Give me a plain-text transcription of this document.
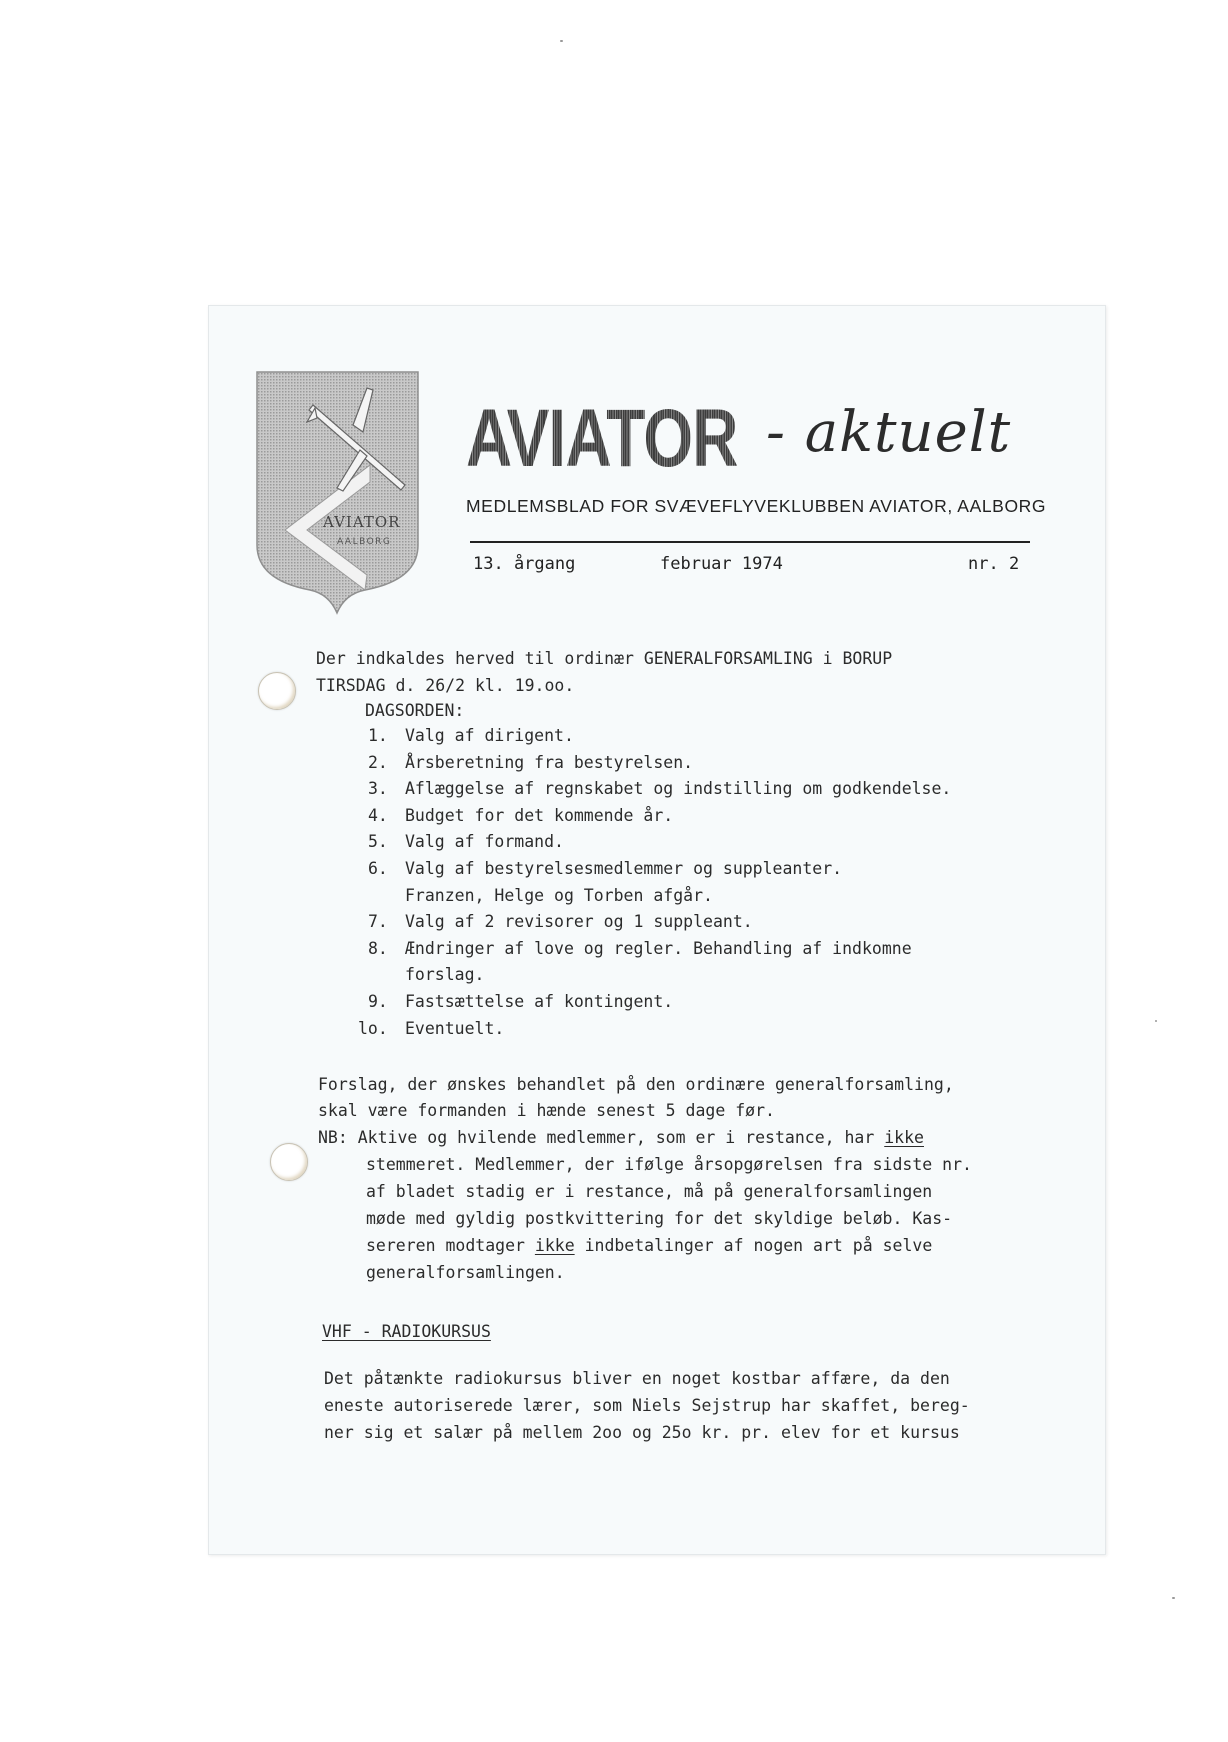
AVIATOR
AALBORG
AVIATOR - aktuelt
MEDLEMSBLAD FOR SVÆVEFLYVEKLUBBEN AVIATOR, AALBORG
13. årgang	februar 1974	nr. 2
Der indkaldes herved til ordinær GENERALFORSAMLING i BORUP
TIRSDAG d. 26/2 kl. 19.oo.
DAGSORDEN:
1. Valg af dirigent.
2. Årsberetning fra bestyrelsen.
3. Aflæggelse af regnskabet og indstilling om godkendelse.
4. Budget for det kommende år.
5. Valg af formand.
6. Valg af bestyrelsesmedlemmer og suppleanter.
Franzen, Helge og Torben afgår.
7. Valg af 2 revisorer og 1 suppleant.
8. Ændringer af love og regler. Behandling af indkomne
forslag.
9. Fastsættelse af kontingent.
lo. Eventuelt.
Forslag, der ønskes behandlet på den ordinære generalforsamling,
skal være formanden i hænde senest 5 dage før.
NB: Aktive og hvilende medlemmer, som er i restance, har ikke
stemmeret. Medlemmer, der ifølge årsopgørelsen fra sidste nr.
af bladet stadig er i restance, må på generalforsamlingen
møde med gyldig postkvittering for det skyldige beløb. Kas-
sereren modtager ikke indbetalinger af nogen art på selve
generalforsamlingen.
VHF - RADIOKURSUS
Det påtænkte radiokursus bliver en noget kostbar affære, da den
eneste autoriserede lærer, som Niels Sejstrup har skaffet, bereg-
ner sig et salær på mellem 2oo og 25o kr. pr. elev for et kursus
